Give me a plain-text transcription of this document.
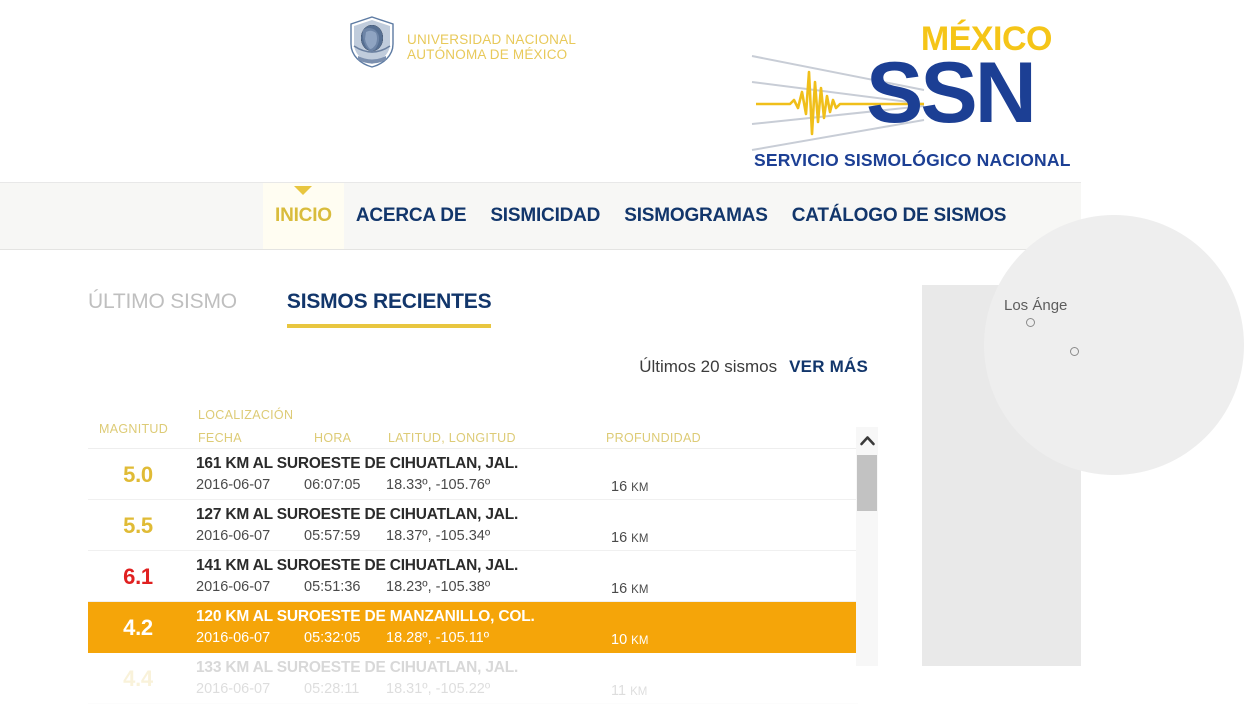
UNIVERSIDAD NACIONAL
AUTÓNOMA DE MÉXICO	MÉXICO
SSN
SERVICIO SISMOLÓGICO NACIONAL
INICIO	ACERCA DE	SISMICIDAD	SISMOGRAMAS	CATÁLOGO DE SISMOS
ÚLTIMO SISMO SISMOS RECIENTES
Últimos 20 sismos VER MÁS
MAGNITUD
LOCALIZACIÓN
FECHA	HORA	LATITUD, LONGITUD	PROFUNDIDAD
5.0	161 KM AL SUROESTE DE CIHUATLAN, JAL.
2016-06-07 06:07:05 18.33º, -105.76º	16 KM
5.5	127 KM AL SUROESTE DE CIHUATLAN, JAL.
2016-06-07 05:57:59 18.37º, -105.34º	16 KM
6.1	141 KM AL SUROESTE DE CIHUATLAN, JAL.
2016-06-07 05:51:36 18.23º, -105.38º	16 KM
4.2	120 KM AL SUROESTE DE MANZANILLO, COL.
2016-06-07 05:32:05 18.28º, -105.11º	10 KM
4.4	133 KM AL SUROESTE DE CIHUATLAN, JAL.
2016-06-07 05:28:11 18.31º, -105.22º	11 KM
Los Ánge
